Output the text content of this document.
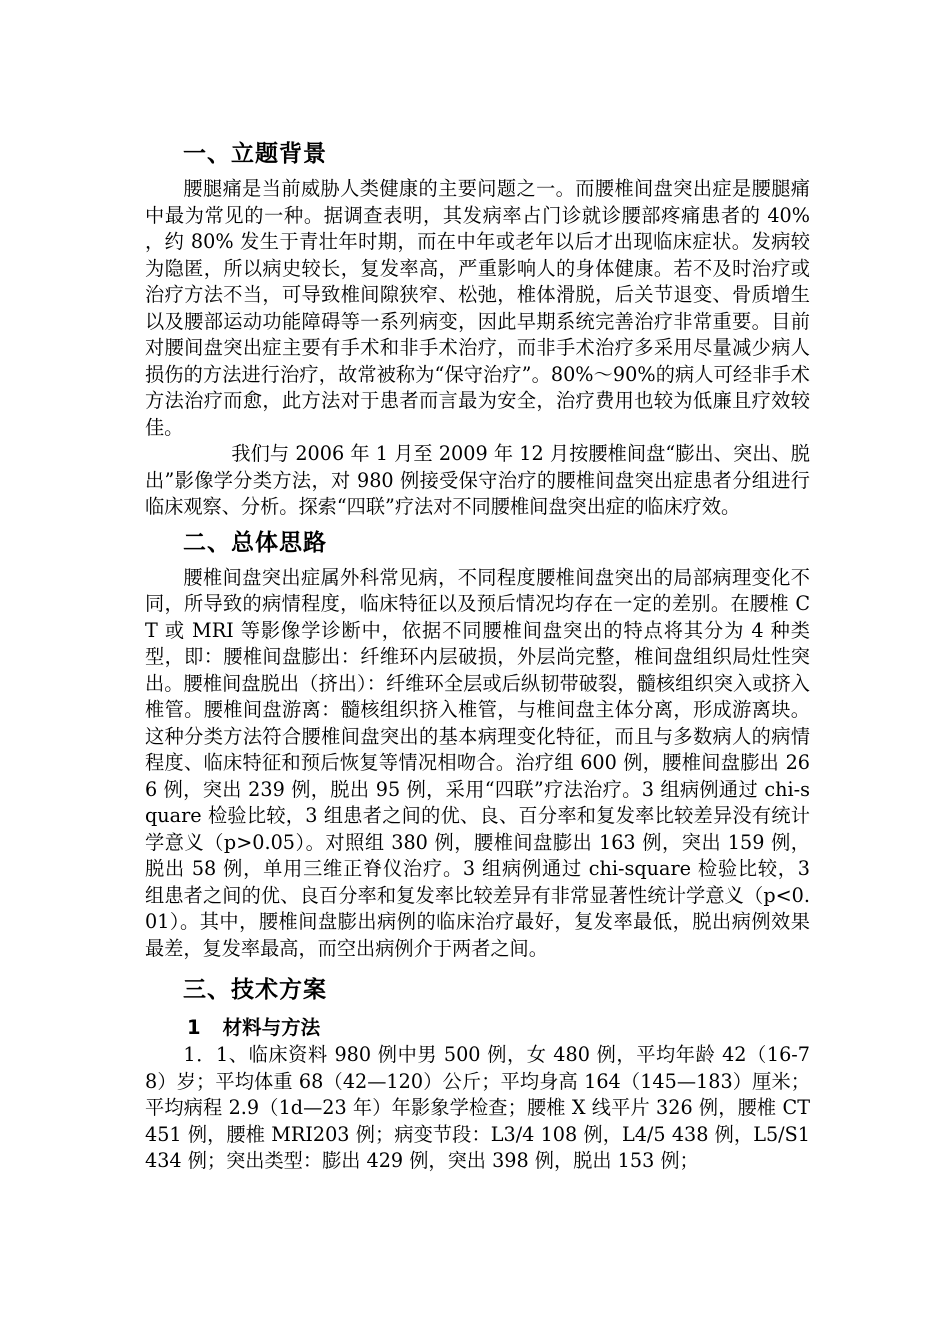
一、立题背景

腰腿痛是当前威胁人类健康的主要问题之一。而腰椎间盘突出症是腰腿痛中最为常见的一种。据调查表明，其发病率占门诊就诊腰部疼痛患者的 40% ，约 80% 发生于青壮年时期，而在中年或老年以后才出现临床症状。发病较为隐匿，所以病史较长，复发率高，严重影响人的身体健康。若不及时治疗或治疗方法不当，可导致椎间隙狭窄、松弛，椎体滑脱，后关节退变、骨质增生以及腰部运动功能障碍等一系列病变，因此早期系统完善治疗非常重要。目前对腰间盘突出症主要有手术和非手术治疗，而非手术治疗多采用尽量减少病人损伤的方法进行治疗，故常被称为“保守治疗”。80%～90%的病人可经非手术方法治疗而愈，此方法对于患者而言最为安全，治疗费用也较为低廉且疗效较佳。

我们与 2006 年 1 月至 2009 年 12 月按腰椎间盘“膨出、突出、脱出”影像学分类方法，对 980 例接受保守治疗的腰椎间盘突出症患者分组进行临床观察、分析。探索“四联”疗法对不同腰椎间盘突出症的临床疗效。

二、总体思路

腰椎间盘突出症属外科常见病，不同程度腰椎间盘突出的局部病理变化不同，所导致的病情程度，临床特征以及预后情况均存在一定的差别。在腰椎 CT 或 MRI 等影像学诊断中，依据不同腰椎间盘突出的特点将其分为 4 种类型，即：腰椎间盘膨出：纤维环内层破损，外层尚完整，椎间盘组织局灶性突出。腰椎间盘脱出（挤出）：纤维环全层或后纵韧带破裂，髓核组织突入或挤入椎管。腰椎间盘游离：髓核组织挤入椎管，与椎间盘主体分离，形成游离块。这种分类方法符合腰椎间盘突出的基本病理变化特征，而且与多数病人的病情程度、临床特征和预后恢复等情况相吻合。治疗组 600 例，腰椎间盘膨出 266 例，突出 239 例，脱出 95 例，采用“四联”疗法治疗。3 组病例通过 chi-square 检验比较，3 组患者之间的优、良、百分率和复发率比较差异没有统计学意义（p>0.05）。对照组 380 例，腰椎间盘膨出 163 例，突出 159 例，脱出 58 例，单用三维正脊仪治疗。3 组病例通过 chi-square 检验比较，3 组患者之间的优、良百分率和复发率比较差异有非常显著性统计学意义（p<0.01）。其中，腰椎间盘膨出病例的临床治疗最好，复发率最低，脱出病例效果最差，复发率最高，而空出病例介于两者之间。

三、技术方案
1 材料与方法

1．1、临床资料 980 例中男 500 例，女 480 例，平均年龄 42（16-78）岁；平均体重 68（42—120）公斤；平均身高 164（145—183）厘米；平均病程 2.9（1d—23 年）年影象学检查；腰椎 X 线平片 326 例，腰椎 CT451 例，腰椎 MRI203 例；病变节段：L3/4 108 例，L4/5 438 例，L5/S1 434 例；突出类型：膨出 429 例，突出 398 例，脱出 153 例；
